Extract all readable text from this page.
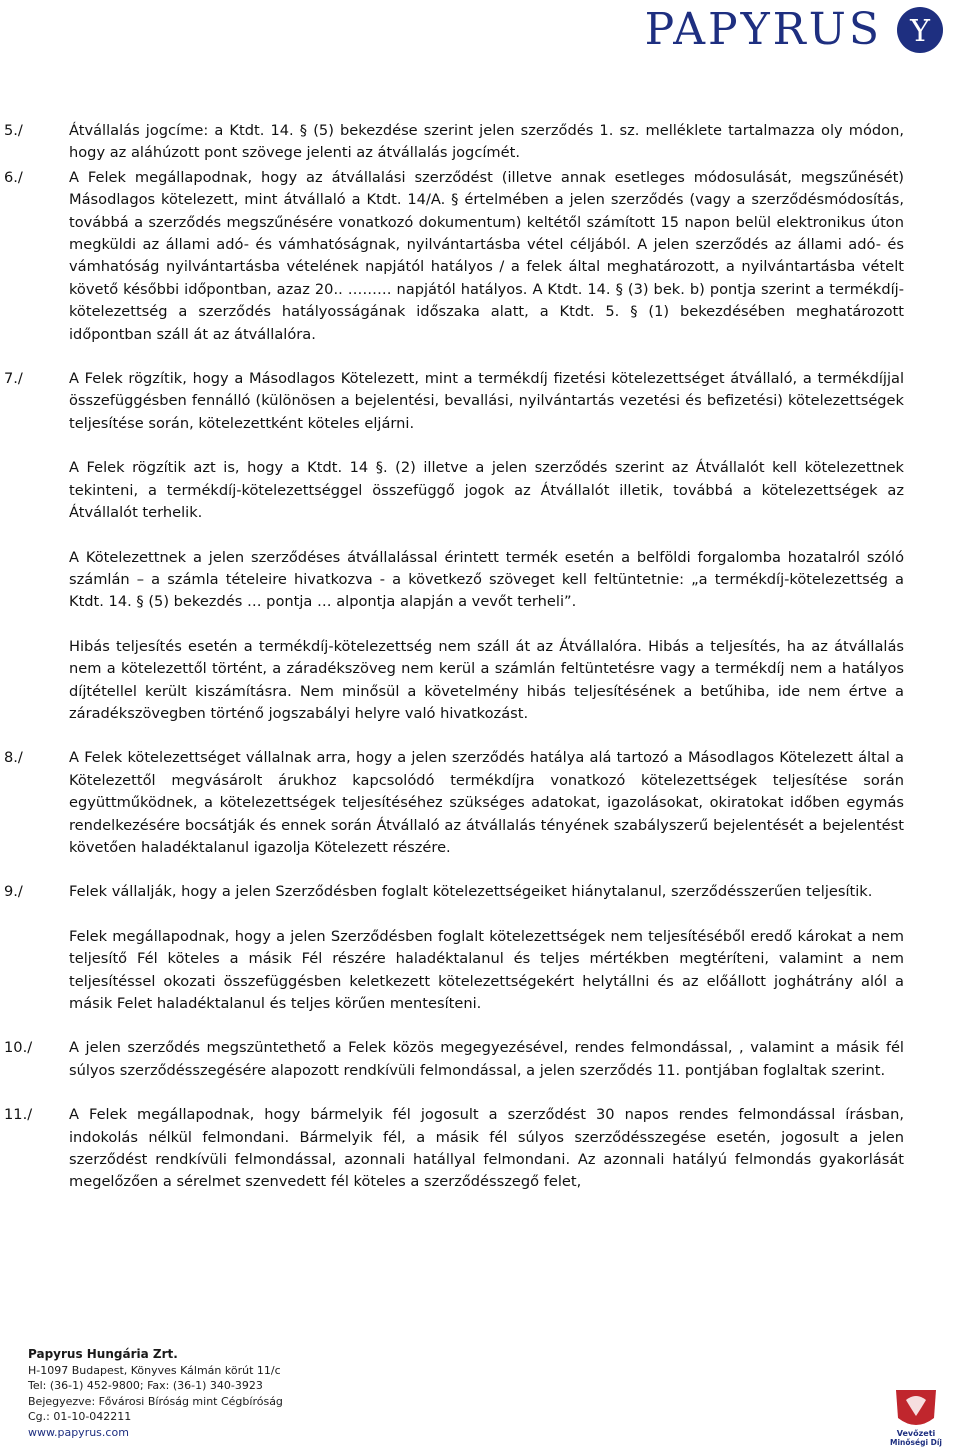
PAPYRUS Y
5./	Átvállalás jogcíme: a Ktdt. 14. § (5) bekezdése szerint jelen szerződés 1. sz. melléklete tartalmazza oly módon, hogy az aláhúzott pont szövege jelenti az átvállalás jogcímét.

6./	A Felek megállapodnak, hogy az átvállalási szerződést (illetve annak esetleges módosulását, megszűnését) Másodlagos kötelezett, mint átvállaló a Ktdt. 14/A. § értelmében a jelen szerződés (vagy a szerződésmódosítás, továbbá a szerződés megszűnésére vonatkozó dokumentum) keltétől számított 15 napon belül elektronikus úton megküldi az állami adó- és vámhatóságnak, nyilvántartásba vétel céljából. A jelen szerződés az állami adó- és vámhatóság nyilvántartásba vételének napjától hatályos / a felek által meghatározott, a nyilvántartásba vételt követő későbbi időpontban, azaz 20.. ……… napjától hatályos. A Ktdt. 14. § (3) bek. b) pontja szerint a termékdíj-kötelezettség a szerződés hatályosságának időszaka alatt, a Ktdt. 5. § (1) bekezdésében meghatározott időpontban száll át az átvállalóra.

7./	A Felek rögzítik, hogy a Másodlagos Kötelezett, mint a termékdíj fizetési kötelezettséget átvállaló, a termékdíjjal összefüggésben fennálló (különösen a bejelentési, bevallási, nyilvántartás vezetési és befizetési) kötelezettségek teljesítése során, kötelezettként köteles eljárni.

A Felek rögzítik azt is, hogy a Ktdt. 14 §. (2) illetve a jelen szerződés szerint az Átvállalót kell kötelezettnek tekinteni, a termékdíj-kötelezettséggel összefüggő jogok az Átvállalót illetik, továbbá a kötelezettségek az Átvállalót terhelik.

A Kötelezettnek a jelen szerződéses átvállalással érintett termék esetén a belföldi forgalomba hozatalról szóló számlán – a számla tételeire hivatkozva - a következő szöveget kell feltüntetnie: „a termékdíj-kötelezettség a Ktdt. 14. § (5) bekezdés … pontja … alpontja alapján a vevőt terheli”.

Hibás teljesítés esetén a termékdíj-kötelezettség nem száll át az Átvállalóra. Hibás a teljesítés, ha az átvállalás nem a kötelezettől történt, a záradékszöveg nem kerül a számlán feltüntetésre vagy a termékdíj nem a hatályos díjtétellel került kiszámításra. Nem minősül a követelmény hibás teljesítésének a betűhiba, ide nem értve a záradékszövegben történő jogszabályi helyre való hivatkozást.

8./	A Felek kötelezettséget vállalnak arra, hogy a jelen szerződés hatálya alá tartozó a Másodlagos Kötelezett által a Kötelezettől megvásárolt árukhoz kapcsolódó termékdíjra vonatkozó kötelezettségek teljesítése során együttműködnek, a kötelezettségek teljesítéséhez szükséges adatokat, igazolásokat, okiratokat időben egymás rendelkezésére bocsátják és ennek során Átvállaló az átvállalás tényének szabályszerű bejelentését a bejelentést követően haladéktalanul igazolja Kötelezett részére.

9./	Felek vállalják, hogy a jelen Szerződésben foglalt kötelezettségeiket hiánytalanul, szerződésszerűen teljesítik.

Felek megállapodnak, hogy a jelen Szerződésben foglalt kötelezettségek nem teljesítéséből eredő károkat a nem teljesítő Fél köteles a másik Fél részére haladéktalanul és teljes mértékben megtéríteni, valamint a nem teljesítéssel okozati összefüggésben keletkezett kötelezettségekért helytállni és az előállott joghátrány alól a másik Felet haladéktalanul és teljes körűen mentesíteni.

10./	A jelen szerződés megszüntethető a Felek közös megegyezésével, rendes felmondással, , valamint a másik fél súlyos szerződésszegésére alapozott rendkívüli felmondással, a jelen szerződés 11. pontjában foglaltak szerint.

11./	A Felek megállapodnak, hogy bármelyik fél jogosult a szerződést 30 napos rendes felmondással írásban, indokolás nélkül felmondani. Bármelyik fél, a másik fél súlyos szerződésszegése esetén, jogosult a jelen szerződést rendkívüli felmondással, azonnali hatállyal felmondani. Az azonnali hatályú felmondás gyakorlását megelőzően a sérelmet szenvedett fél köteles a szerződésszegő felet,

Papyrus Hungária Zrt.
H-1097 Budapest, Könyves Kálmán körút 11/c
Tel: (36-1) 452-9800; Fax: (36-1) 340-3923
Bejegyezve: Fővárosi Bíróság mint Cégbíróság
Cg.: 01-10-042211
www.papyrus.com	Vevőzeti
Minőségi Díj
